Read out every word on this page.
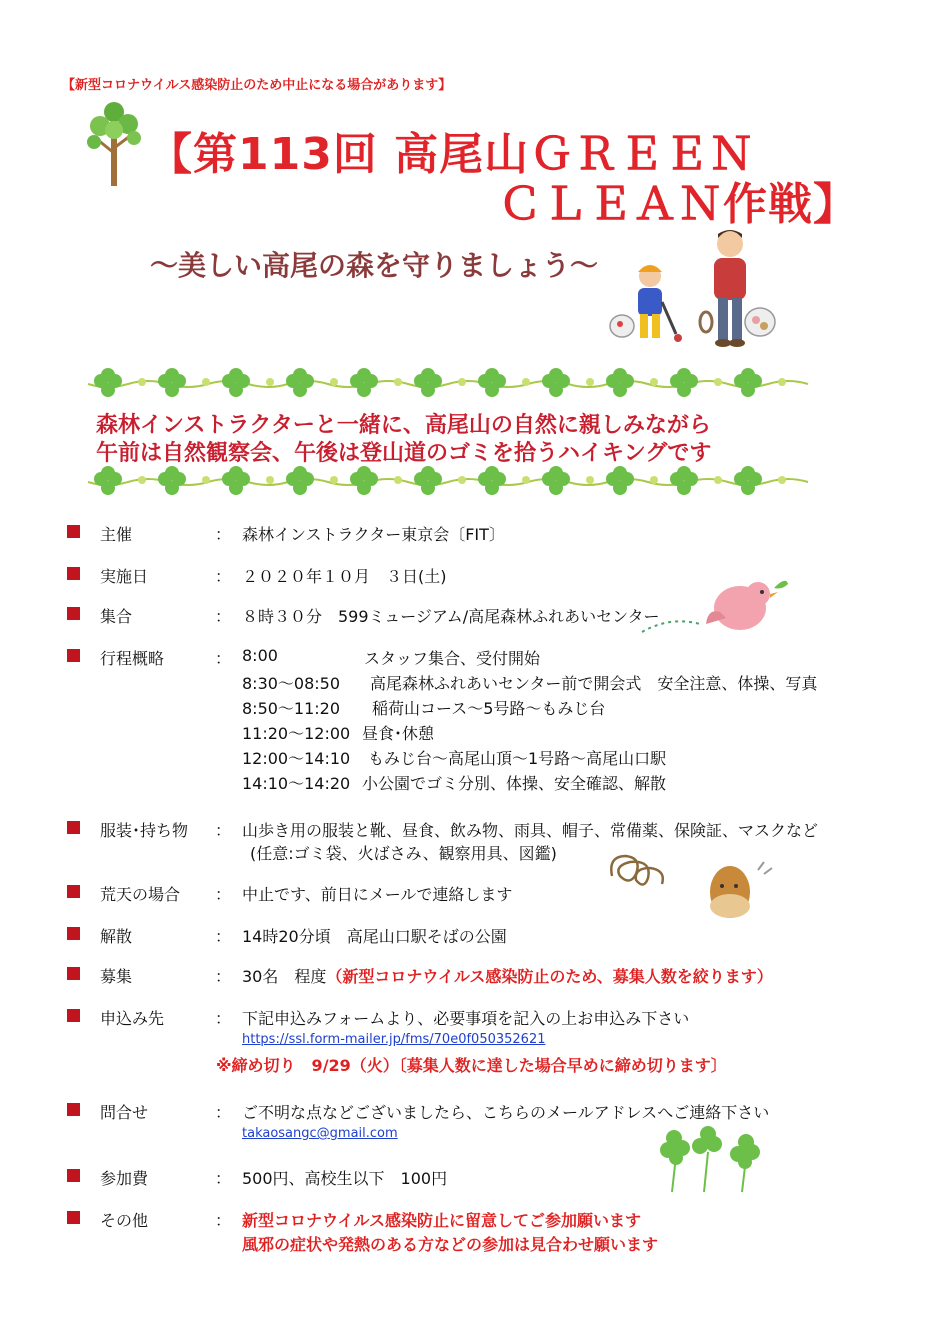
【新型コロナウイルス感染防止のため中止になる場合があります】
【第113回 高尾山ＧＲＥＥＮ
ＣＬＥＡＮ作戦】
～美しい高尾の森を守りましょう～
森林インストラクターと一緒に、高尾山の自然に親しみながら
午前は自然観察会、午後は登山道のゴミを拾うハイキングです
主催	： 森林インストラクター東京会〔FIT〕
実施日	： ２０２０年１０月　３日(土)
集合	： ８時３０分　599ミュージアム/高尾森林ふれあいセンター
行程概略	： 8:00	スタッフ集合、受付開始
8:30～08:50 高尾森林ふれあいセンター前で開会式　安全注意、体操、写真
8:50～11:20 稲荷山コース～5号路～もみじ台
11:20～12:00 昼食･休憩
12:00～14:10 もみじ台～高尾山頂～1号路～高尾山口駅
14:10～14:20 小公園でゴミ分別、体操、安全確認、解散
服装･持ち物 ： 山歩き用の服装と靴、昼食、飲み物、雨具、帽子、常備薬、保険証、マスクなど
(任意:ゴミ袋、火ばさみ、観察用具、図鑑)
荒天の場合 ： 中止です、前日にメールで連絡します
解散	： 14時20分頃　高尾山口駅そばの公園
募集	： 30名　程度（新型コロナウイルス感染防止のため、募集人数を絞ります）
申込み先	： 下記申込みフォームより、必要事項を記入の上お申込み下さい
https://ssl.form-mailer.jp/fms/70e0f050352621
※締め切り　9/29（火）〔募集人数に達した場合早めに締め切ります〕
問合せ	： ご不明な点などございましたら、こちらのメールアドレスへご連絡下さい
takaosangc@gmail.com
参加費	： 500円、高校生以下　100円
その他	： 新型コロナウイルス感染防止に留意してご参加願います
風邪の症状や発熱のある方などの参加は見合わせ願います
